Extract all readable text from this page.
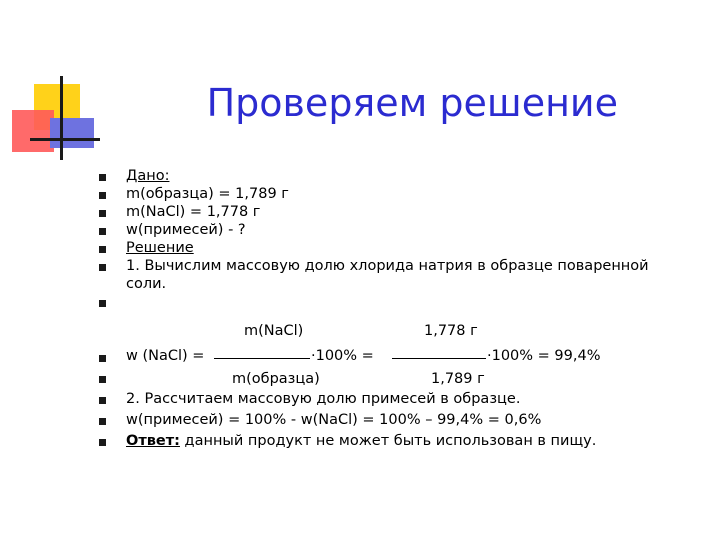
Проверяем решение
Дано:
m(образца) = 1,789 г
m(NaCl) = 1,778 г
w(примесей) - ?
Решение
1. Вычислим массовую долю хлорида натрия в образце поваренной
соли.
m(NaCl)	1,778 г
w (NaCl) =	·100% =	·100% = 99,4%
m(образца)	1,789 г
2. Рассчитаем массовую долю примесей в образце.
w(примесей) = 100% - w(NaCl) = 100% – 99,4% = 0,6%
Ответ: данный продукт не может быть использован в пищу.
